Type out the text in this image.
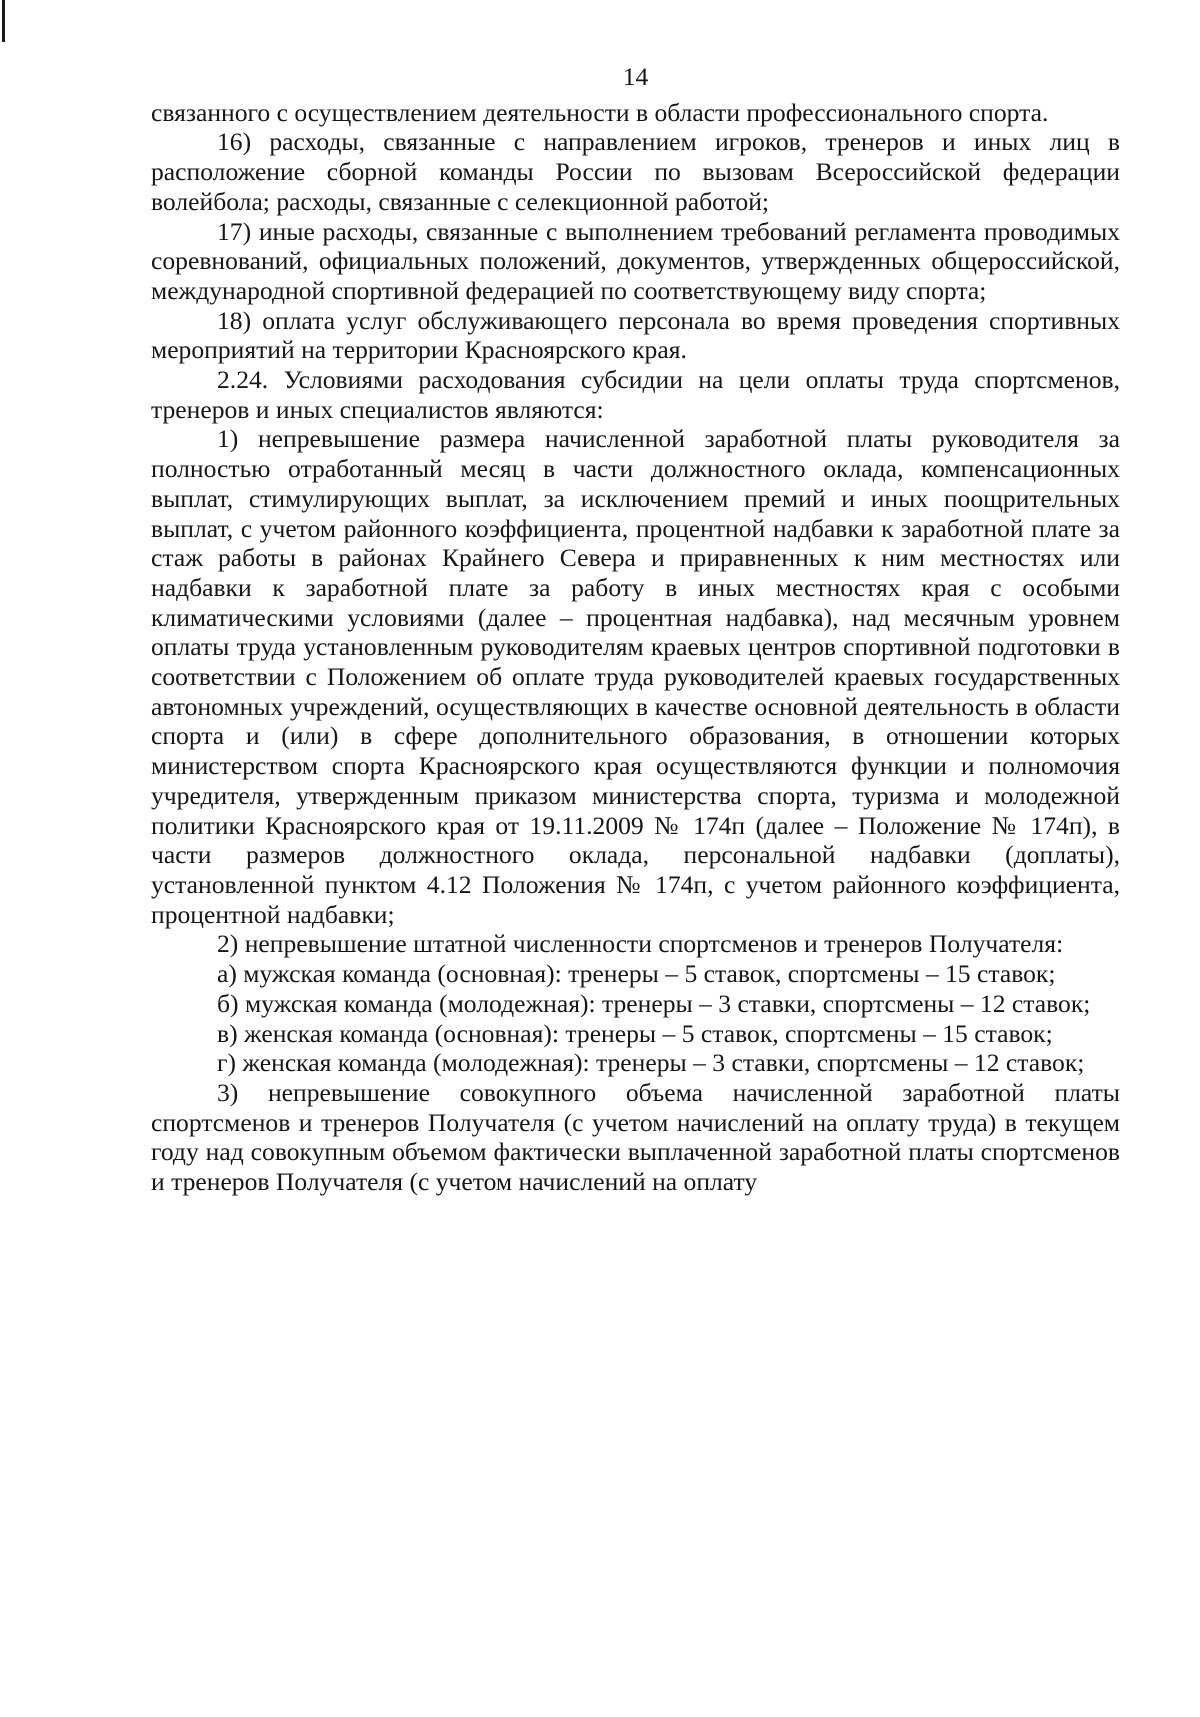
14

связанного с осуществлением деятельности в области профессионального спорта.

16) расходы, связанные с направлением игроков, тренеров и иных лиц в расположение сборной команды России по вызовам Всероссийской федерации волейбола; расходы, связанные с селекционной работой;

17) иные расходы, связанные с выполнением требований регламента проводимых соревнований, официальных положений, документов, утвержденных общероссийской, международной спортивной федерацией по соответствующему виду спорта;

18) оплата услуг обслуживающего персонала во время проведения спортивных мероприятий на территории Красноярского края.

2.24. Условиями расходования субсидии на цели оплаты труда спортсменов, тренеров и иных специалистов являются:

1) непревышение размера начисленной заработной платы руководителя за полностью отработанный месяц в части должностного оклада, компенсационных выплат, стимулирующих выплат, за исключением премий и иных поощрительных выплат, с учетом районного коэффициента, процентной надбавки к заработной плате за стаж работы в районах Крайнего Севера и приравненных к ним местностях или надбавки к заработной плате за работу в иных местностях края с особыми климатическими условиями (далее – процентная надбавка), над месячным уровнем оплаты труда установленным руководителям краевых центров спортивной подготовки в соответствии с Положением об оплате труда руководителей краевых государственных автономных учреждений, осуществляющих в качестве основной деятельность в области спорта и (или) в сфере дополнительного образования, в отношении которых министерством спорта Красноярского края осуществляются функции и полномочия учредителя, утвержденным приказом министерства спорта, туризма и молодежной политики Красноярского края от 19.11.2009 № 174п (далее – Положение № 174п), в части размеров должностного оклада, персональной надбавки (доплаты), установленной пунктом 4.12 Положения № 174п, с учетом районного коэффициента, процентной надбавки;

2) непревышение штатной численности спортсменов и тренеров Получателя:

а) мужская команда (основная): тренеры – 5 ставок, спортсмены – 15 ставок;

б) мужская команда (молодежная): тренеры – 3 ставки, спортсмены – 12 ставок;

в) женская команда (основная): тренеры – 5 ставок, спортсмены – 15 ставок;

г) женская команда (молодежная): тренеры – 3 ставки, спортсмены – 12 ставок;

3) непревышение совокупного объема начисленной заработной платы спортсменов и тренеров Получателя (с учетом начислений на оплату труда) в текущем году над совокупным объемом фактически выплаченной заработной платы спортсменов и тренеров Получателя (с учетом начислений на оплату
